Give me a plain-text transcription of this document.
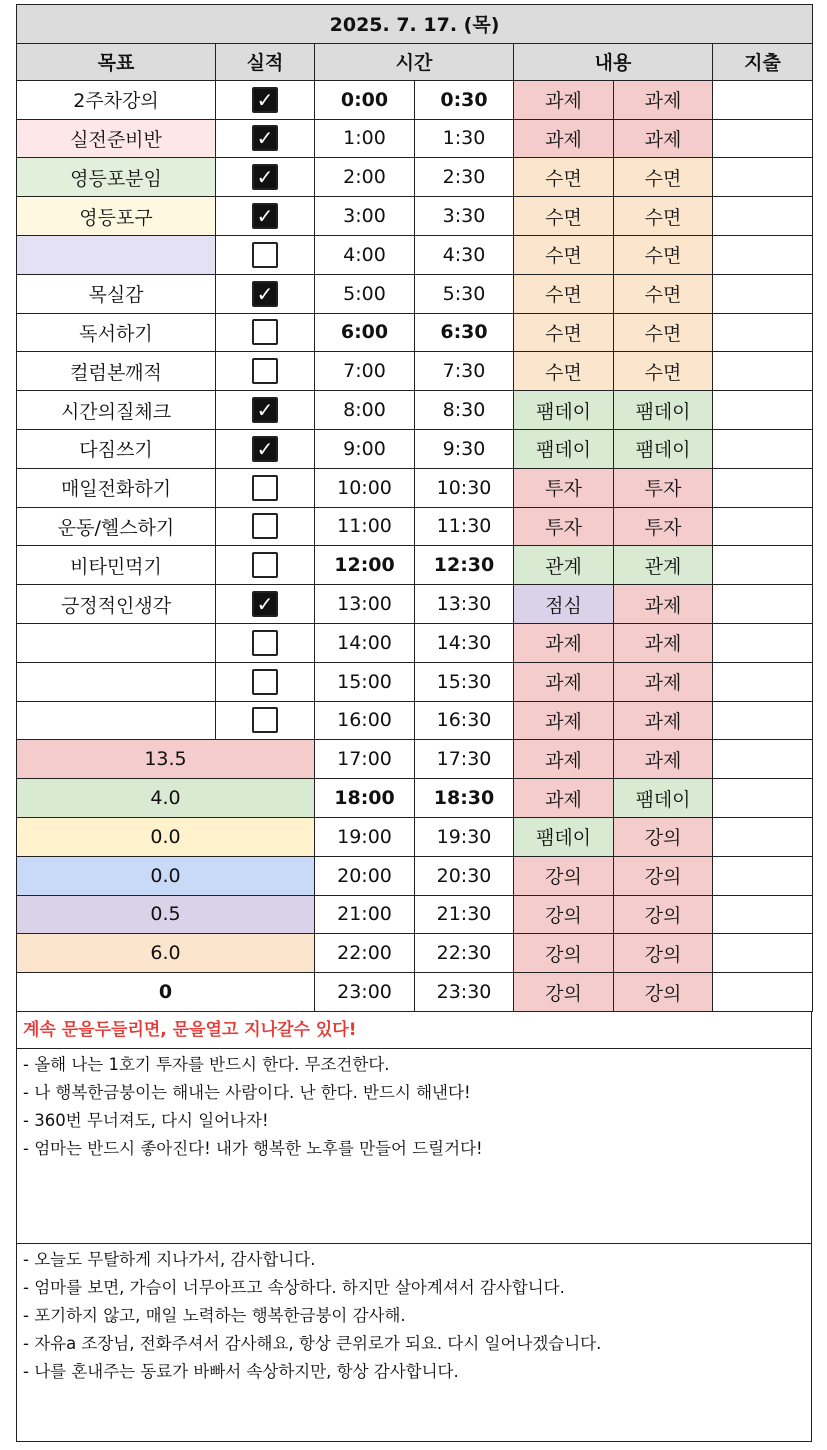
2025. 7. 17. (목)						
목표	실적	시간		내용		지출
2주차강의	✓	0:00	0:30	과제	과제	
실전준비반	✓	1:00	1:30	과제	과제	
영등포분임	✓	2:00	2:30	수면	수면	
영등포구	✓	3:00	3:30	수면	수면	
		4:00	4:30	수면	수면	
목실감	✓	5:00	5:30	수면	수면	
독서하기		6:00	6:30	수면	수면	
컬럼본깨적		7:00	7:30	수면	수면	
시간의질체크	✓	8:00	8:30	팸데이	팸데이	
다짐쓰기	✓	9:00	9:30	팸데이	팸데이	
매일전화하기		10:00	10:30	투자	투자	
운동/헬스하기		11:00	11:30	투자	투자	
비타민먹기		12:00	12:30	관계	관계	
긍정적인생각	✓	13:00	13:30	점심	과제	
		14:00	14:30	과제	과제	
		15:00	15:30	과제	과제	
		16:00	16:30	과제	과제	
13.5		17:00	17:30	과제	과제	
4.0		18:00	18:30	과제	팸데이	
0.0		19:00	19:30	팸데이	강의	
0.0		20:00	20:30	강의	강의	
0.5		21:00	21:30	강의	강의	
6.0		22:00	22:30	강의	강의	
0		23:00	23:30	강의	강의	
계속 문을두들리면, 문을열고 지나갈수 있다!
- 올해 나는 1호기 투자를 반드시 한다. 무조건한다.
- 나 행복한금붕이는 해내는 사람이다. 난 한다. 반드시 해낸다!
- 360번 무너져도, 다시 일어나자!
- 엄마는 반드시 좋아진다! 내가 행복한 노후를 만들어 드릴거다!
- 오늘도 무탈하게 지나가서, 감사합니다.
- 엄마를 보면, 가슴이 너무아프고 속상하다. 하지만 살아계셔서 감사합니다.
- 포기하지 않고, 매일 노력하는 행복한금붕이 감사해.
- 자유a 조장님, 전화주셔서 감사해요, 항상 큰위로가 되요. 다시 일어나겠습니다.
- 나를 혼내주는 동료가 바빠서 속상하지만, 항상 감사합니다.
